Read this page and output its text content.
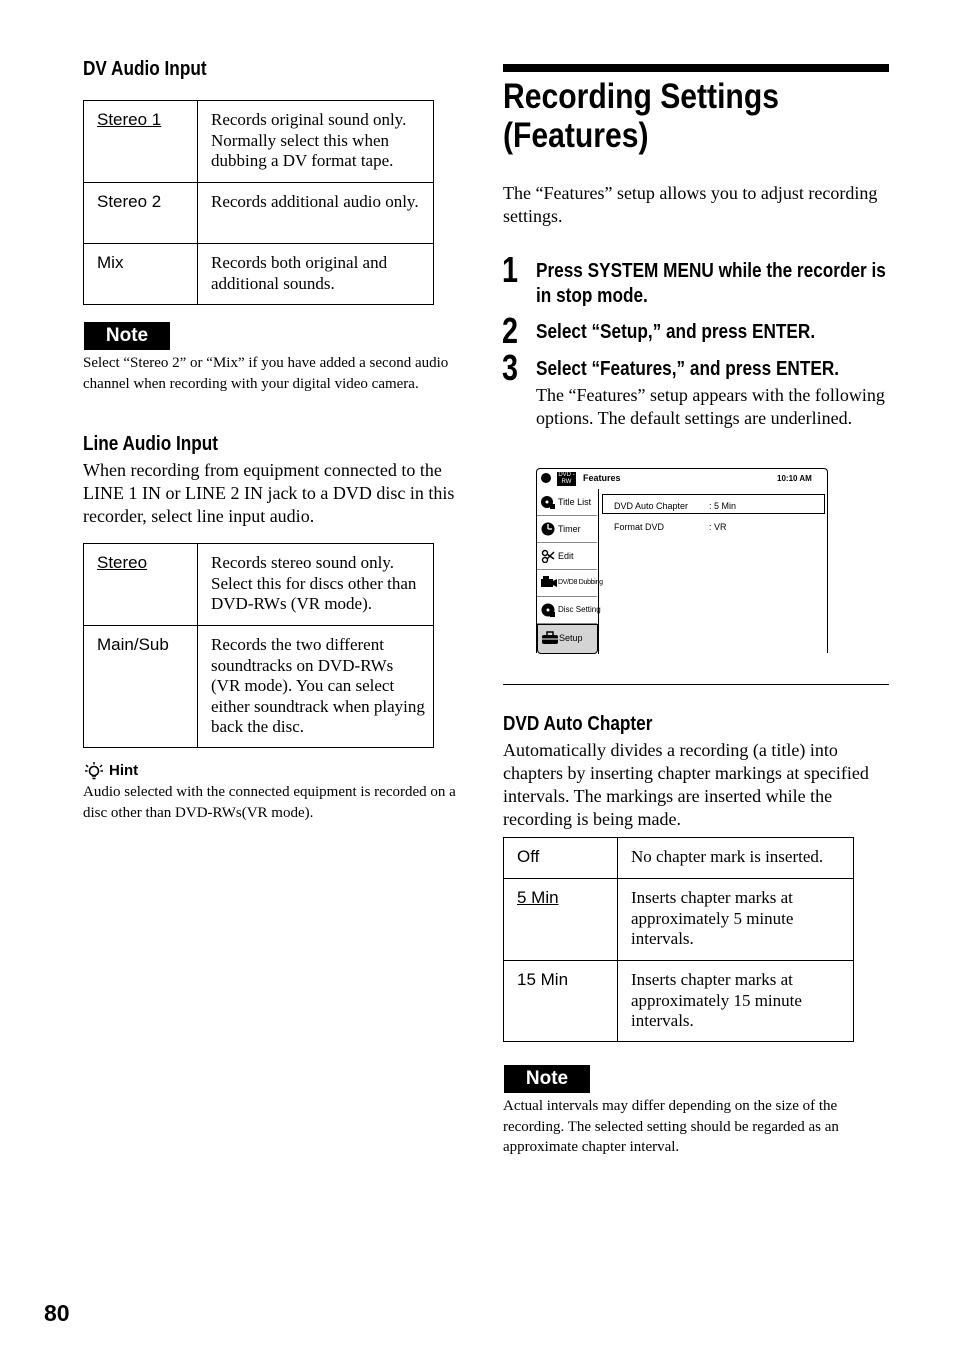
DV Audio Input
Stereo 1	Records original sound only. Normally select this when dubbing a DV format tape.
Stereo 2	Records additional audio only.
Mix	Records both original and additional sounds.
Note
Select “Stereo 2” or “Mix” if you have added a second audio channel when recording with your digital video camera.
Line Audio Input
When recording from equipment connected to the LINE 1 IN or LINE 2 IN jack to a DVD disc in this recorder, select line input audio.
Stereo	Records stereo sound only. Select this for discs other than DVD-RWs (VR mode).
Main/Sub	Records the two different soundtracks on DVD-RWs (VR mode). You can select either soundtrack when playing back the disc.
Hint
Audio selected with the connected equipment is recorded on a disc other than DVD-RWs(VR mode).
Recording Settings
(Features)
The “Features” setup allows you to adjust recording settings.
1 Press SYSTEM MENU while the recorder is in stop mode.
2 Select “Setup,” and press ENTER.
3 Select “Features,” and press ENTER.
The “Features” setup appears with the following options. The default settings are underlined.
DVD -RW	Features	10:10 AM
Title List
Timer
Edit
DV/D8 Dubbing
Disc Setting
Setup
DVD Auto Chapter : 5 Min
Format DVD	: VR
DVD Auto Chapter
Automatically divides a recording (a title) into chapters by inserting chapter markings at specified intervals. The markings are inserted while the recording is being made.
Off	No chapter mark is inserted.
5 Min	Inserts chapter marks at approximately 5 minute intervals.
15 Min	Inserts chapter marks at approximately 15 minute intervals.
Note
Actual intervals may differ depending on the size of the recording. The selected setting should be regarded as an approximate chapter interval.
80
